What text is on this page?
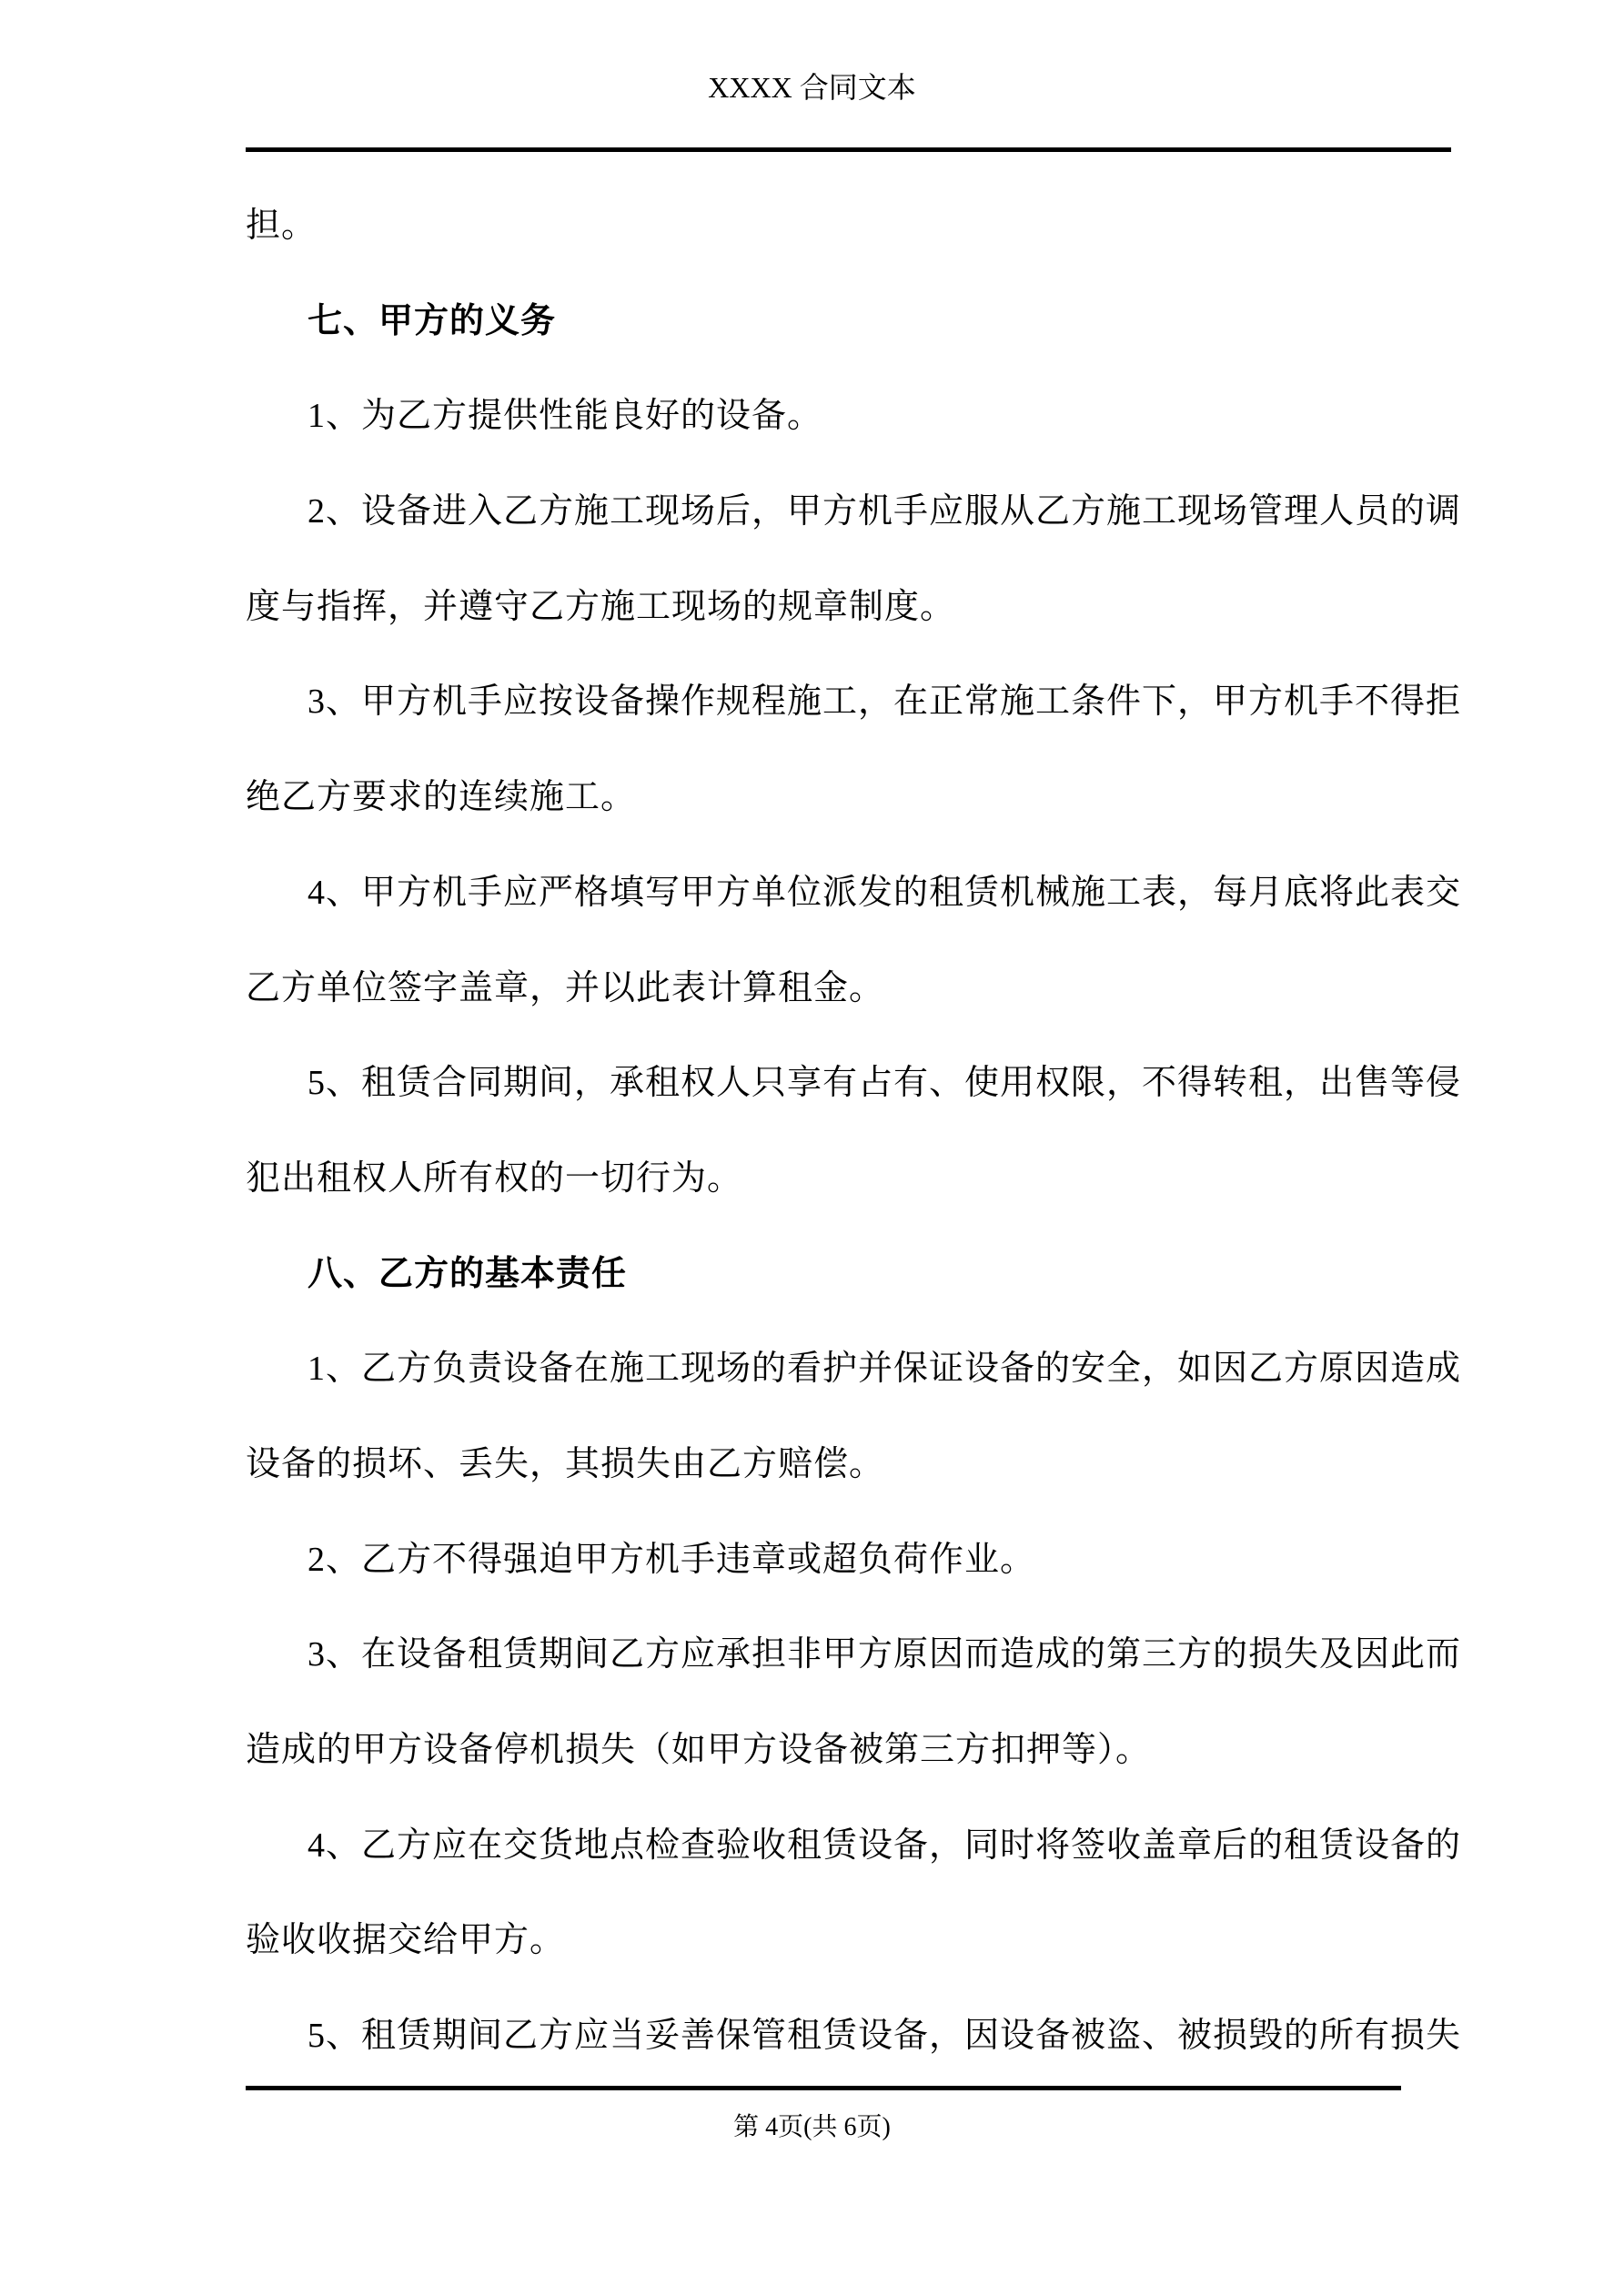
XXXX 合同文本
担。
七、甲方的义务
1、为乙方提供性能良好的设备。
2、设备进入乙方施工现场后，甲方机手应服从乙方施工现场管理人员的调
度与指挥，并遵守乙方施工现场的规章制度。
3、甲方机手应按设备操作规程施工，在正常施工条件下，甲方机手不得拒
绝乙方要求的连续施工。
4、甲方机手应严格填写甲方单位派发的租赁机械施工表，每月底将此表交
乙方单位签字盖章，并以此表计算租金。
5、租赁合同期间，承租权人只享有占有、使用权限，不得转租，出售等侵
犯出租权人所有权的一切行为。
八、乙方的基本责任
1、乙方负责设备在施工现场的看护并保证设备的安全，如因乙方原因造成
设备的损坏、丢失，其损失由乙方赔偿。
2、乙方不得强迫甲方机手违章或超负荷作业。
3、在设备租赁期间乙方应承担非甲方原因而造成的第三方的损失及因此而
造成的甲方设备停机损失（如甲方设备被第三方扣押等）。
4、乙方应在交货地点检查验收租赁设备，同时将签收盖章后的租赁设备的
验收收据交给甲方。
5、租赁期间乙方应当妥善保管租赁设备，因设备被盗、被损毁的所有损失
第 4页(共 6页)
